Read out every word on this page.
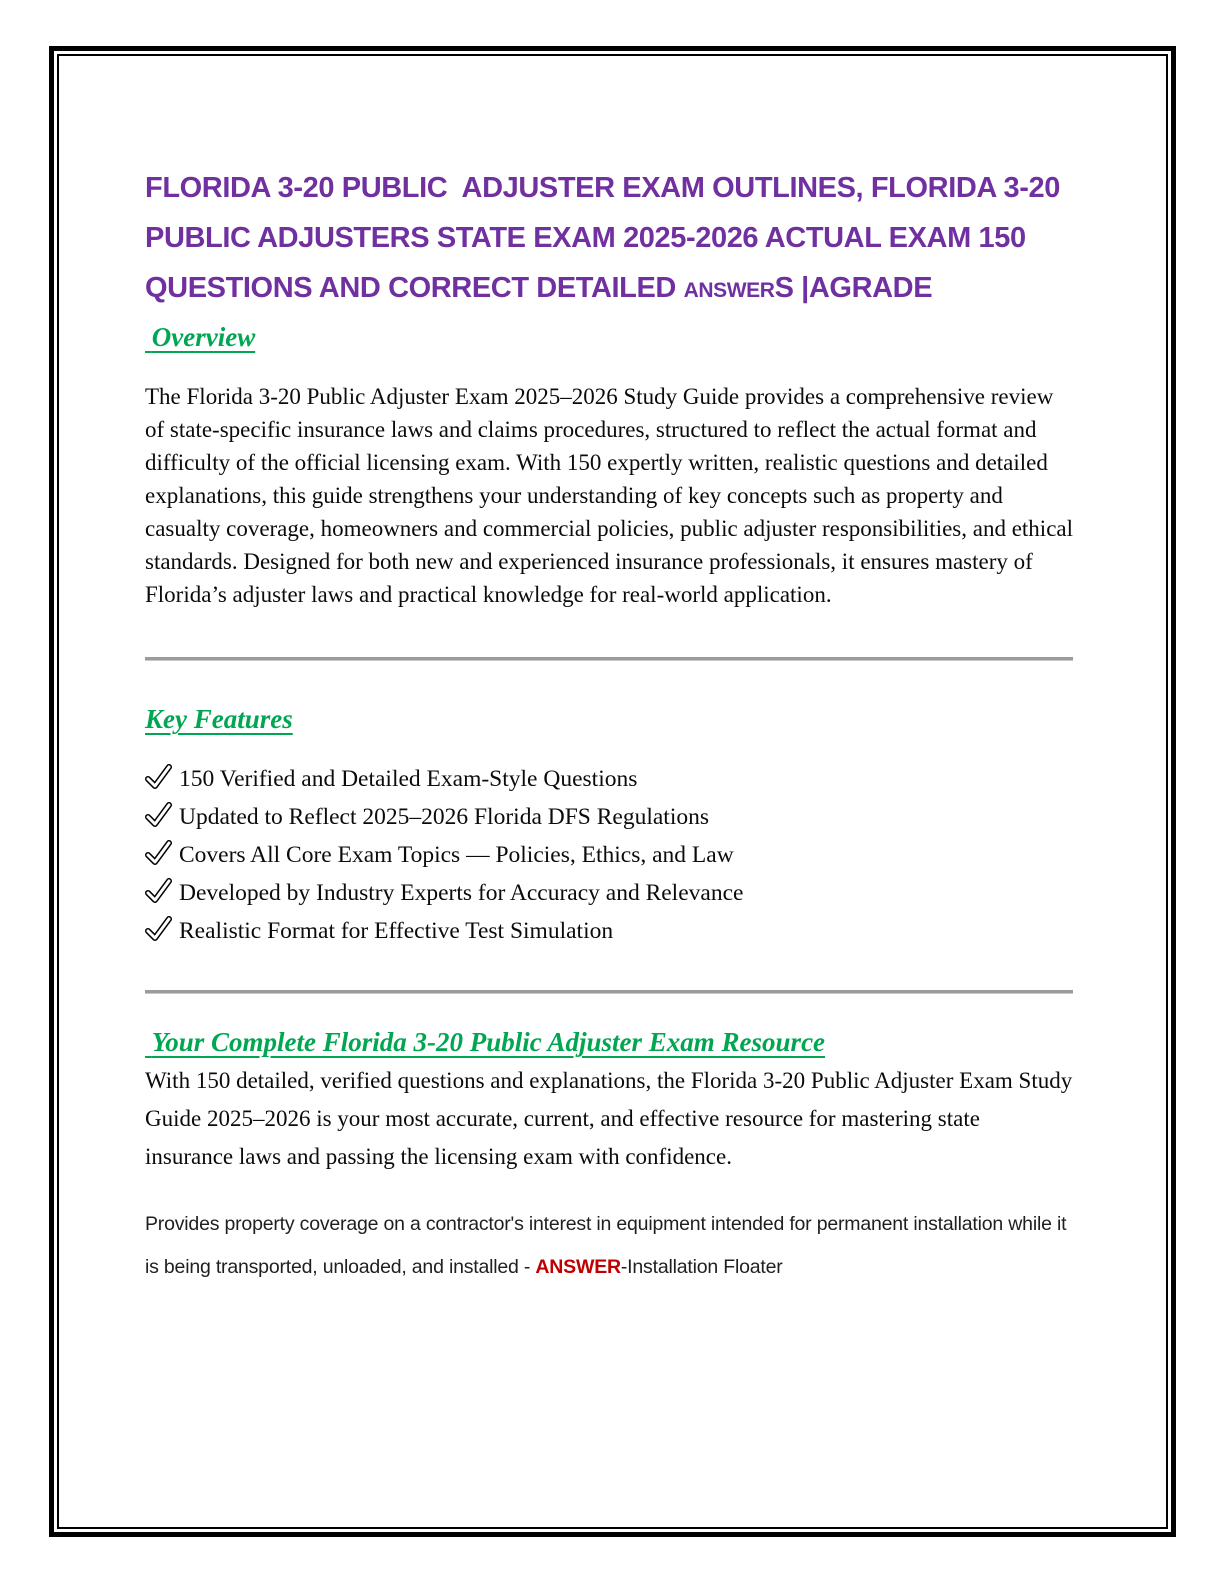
FLORIDA 3-20 PUBLIC  ADJUSTER EXAM OUTLINES, FLORIDA 3-20 PUBLIC ADJUSTERS STATE EXAM 2025-2026 ACTUAL EXAM 150 QUESTIONS AND CORRECT DETAILED ANSWERS |AGRADE
Overview

The Florida 3-20 Public Adjuster Exam 2025–2026 Study Guide provides a comprehensive review of state-specific insurance laws and claims procedures, structured to reflect the actual format and difficulty of the official licensing exam. With 150 expertly written, realistic questions and detailed explanations, this guide strengthens your understanding of key concepts such as property and casualty coverage, homeowners and commercial policies, public adjuster responsibilities, and ethical standards. Designed for both new and experienced insurance professionals, it ensures mastery of Florida’s adjuster laws and practical knowledge for real-world application.

Key Features
150 Verified and Detailed Exam-Style Questions
Updated to Reflect 2025–2026 Florida DFS Regulations
Covers All Core Exam Topics — Policies, Ethics, and Law
Developed by Industry Experts for Accuracy and Relevance
Realistic Format for Effective Test Simulation
Your Complete Florida 3-20 Public Adjuster Exam Resource

With 150 detailed, verified questions and explanations, the Florida 3-20 Public Adjuster Exam Study Guide 2025–2026 is your most accurate, current, and effective resource for mastering state insurance laws and passing the licensing exam with confidence.

Provides property coverage on a contractor's interest in equipment intended for permanent installation while it is being transported, unloaded, and installed - ANSWER-Installation Floater
